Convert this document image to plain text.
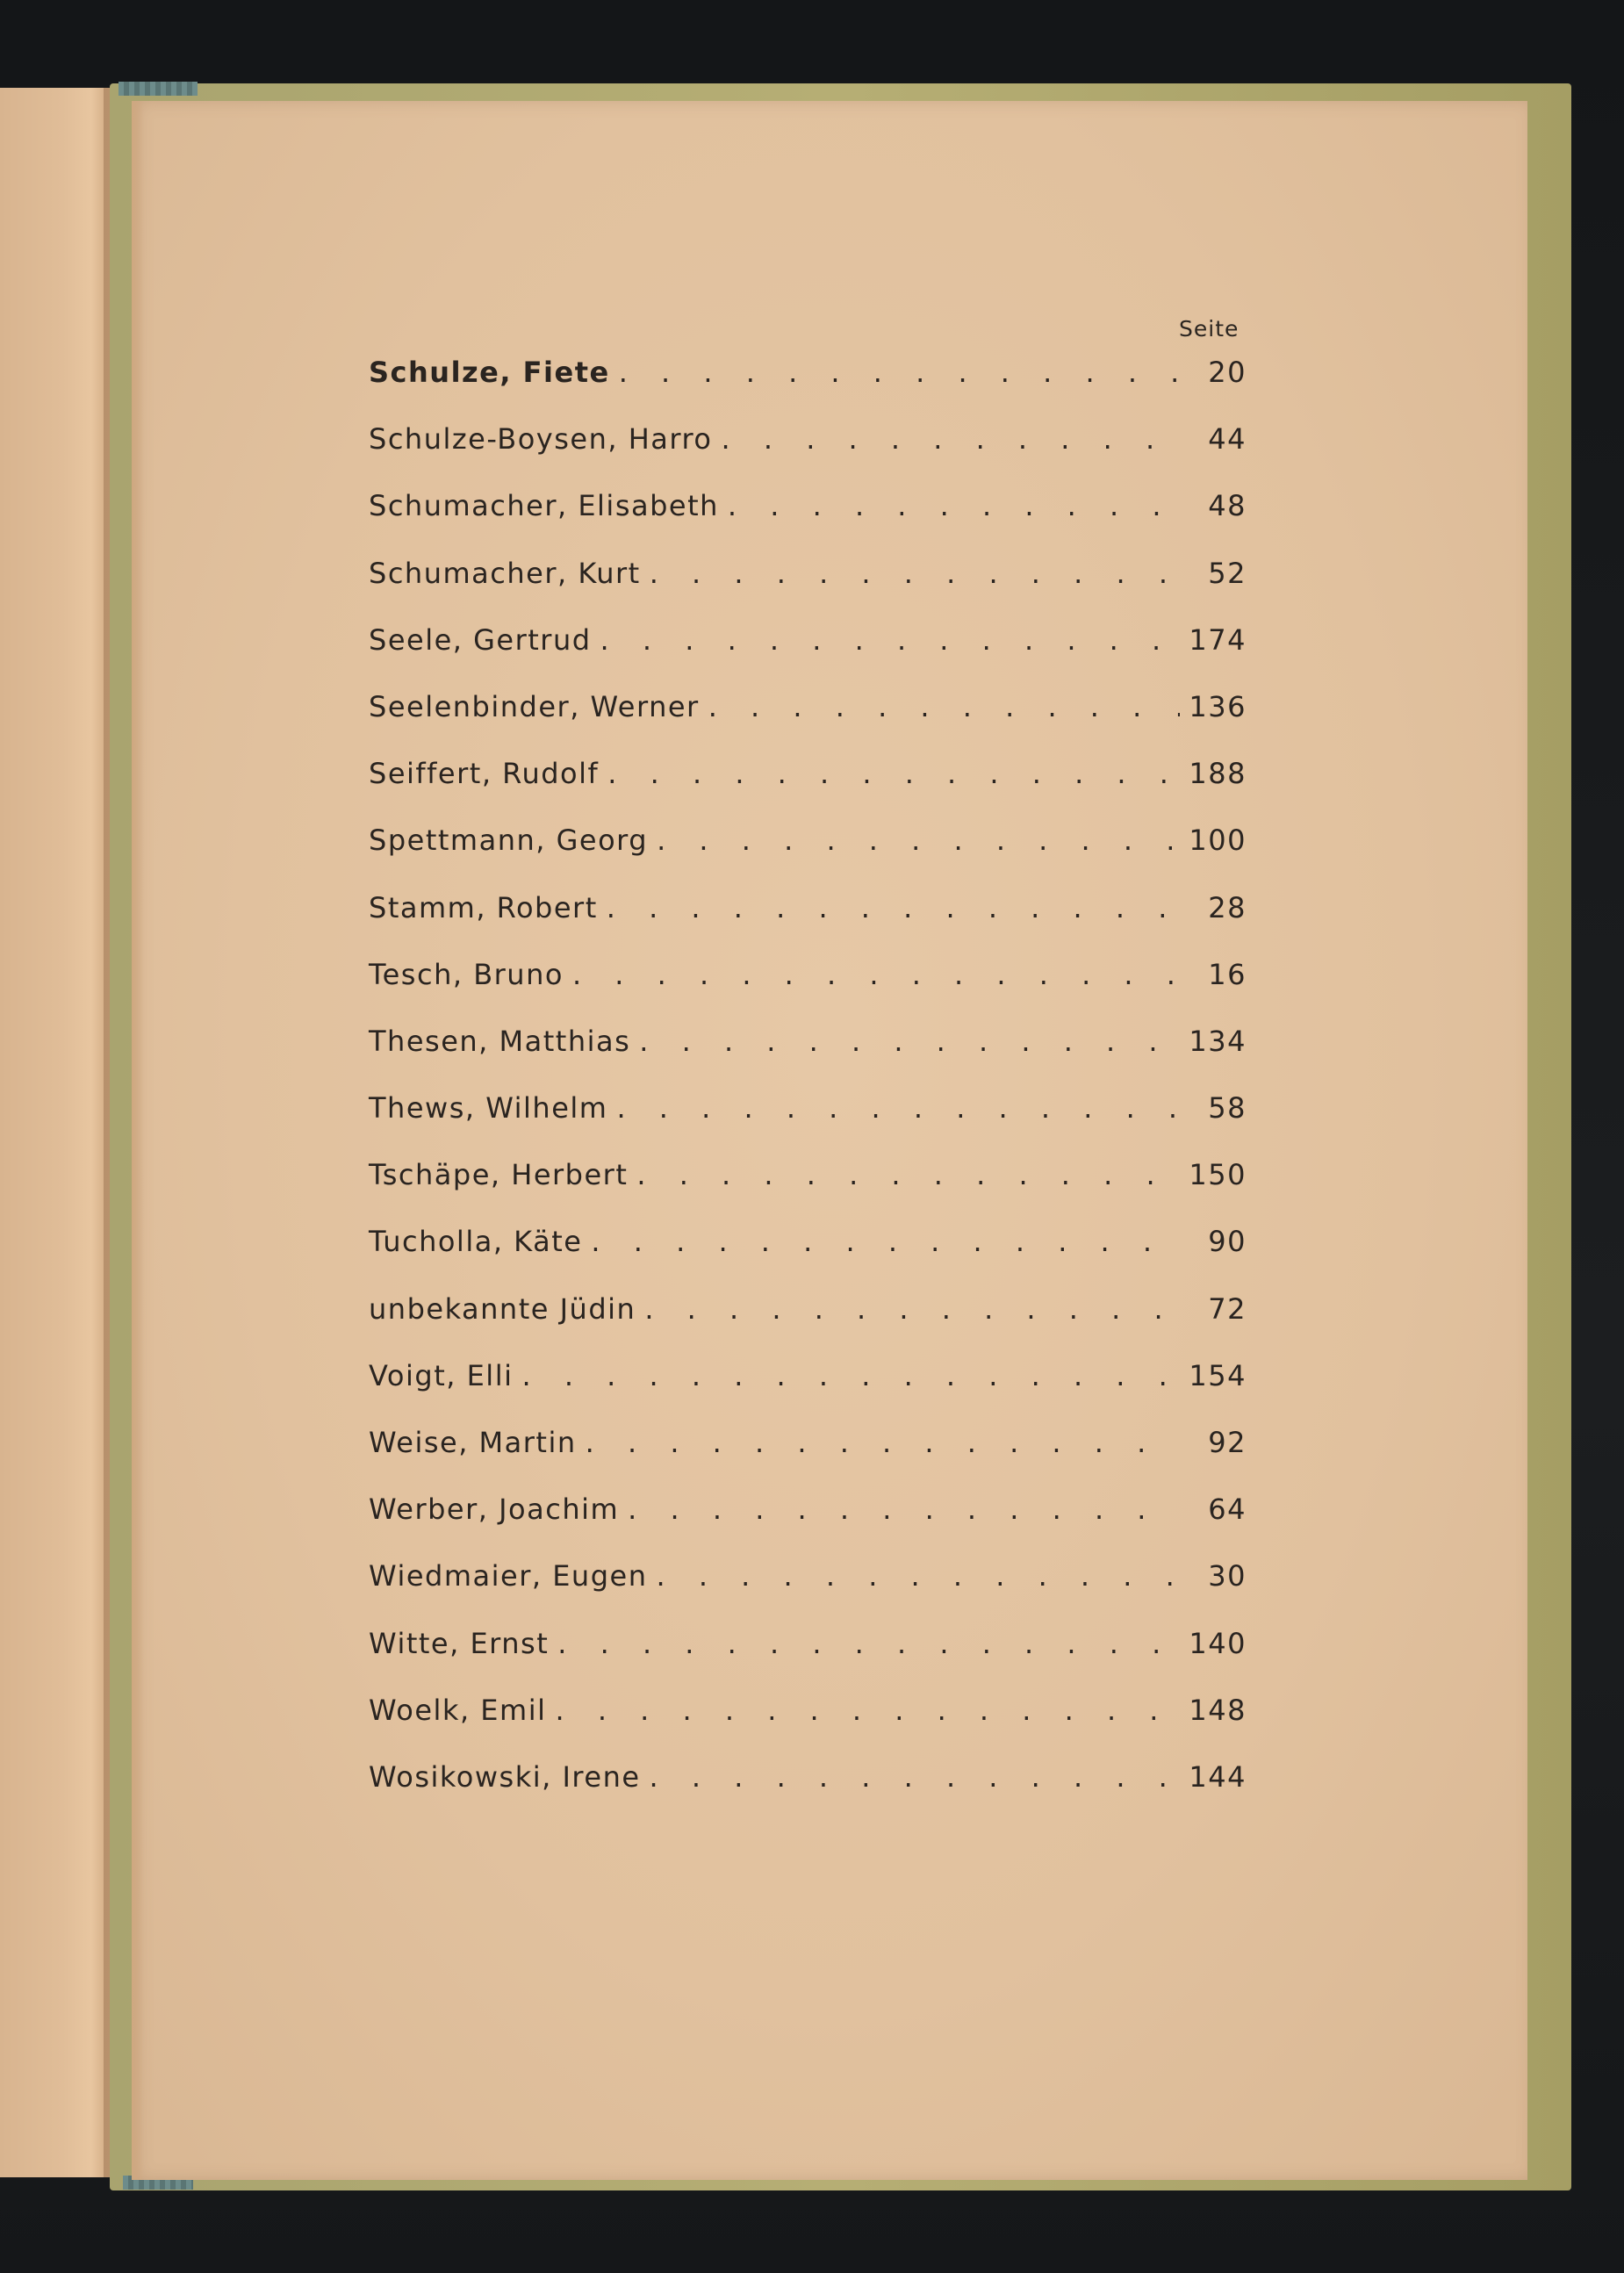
Seite
Schulze, Fiete . . .	20
Schulze-Boysen, Harro . . .	44
Schumacher, Elisabeth . . .	48
Schumacher, Kurt . . .	52
Seele, Gertrud . . .	174
Seelenbinder, Werner . . .	136
Seiffert, Rudolf . . .	188
Spettmann, Georg . . .	100
Stamm, Robert . . .	28
Tesch, Bruno . . .	16
Thesen, Matthias . . .	134
Thews, Wilhelm . . .	58
Tschäpe, Herbert . . .	150
Tucholla, Käte . . .	90
unbekannte Jüdin . . .	72
Voigt, Elli . . .	154
Weise, Martin . . .	92
Werber, Joachim . . .	64
Wiedmaier, Eugen . . .	30
Witte, Ernst . . .	140
Woelk, Emil . . .	148
Wosikowski, Irene . . .	144
